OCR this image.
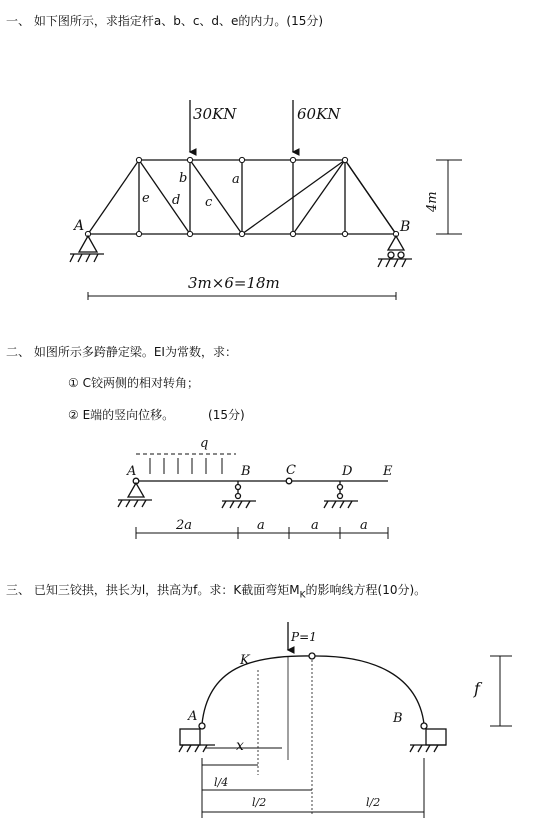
一、 如下图所示，求指定杆a、b、c、d、e的内力。(15分)
二、 如图所示多跨静定梁。EI为常数，求：
① C铰两侧的相对转角；
② E端的竖向位移。	(15分)
三、 已知三铰拱，拱长为l，拱高为f。求：K截面弯矩$M_K$的影响线方程(10分)。
30KN	60KN
a
b
c
d
e
A	B
4m
3m×6=18m
q
A	B	C	D E
2a	a	a	a
P=1
K
A	B
x
f
l/4
l/2	l/2
